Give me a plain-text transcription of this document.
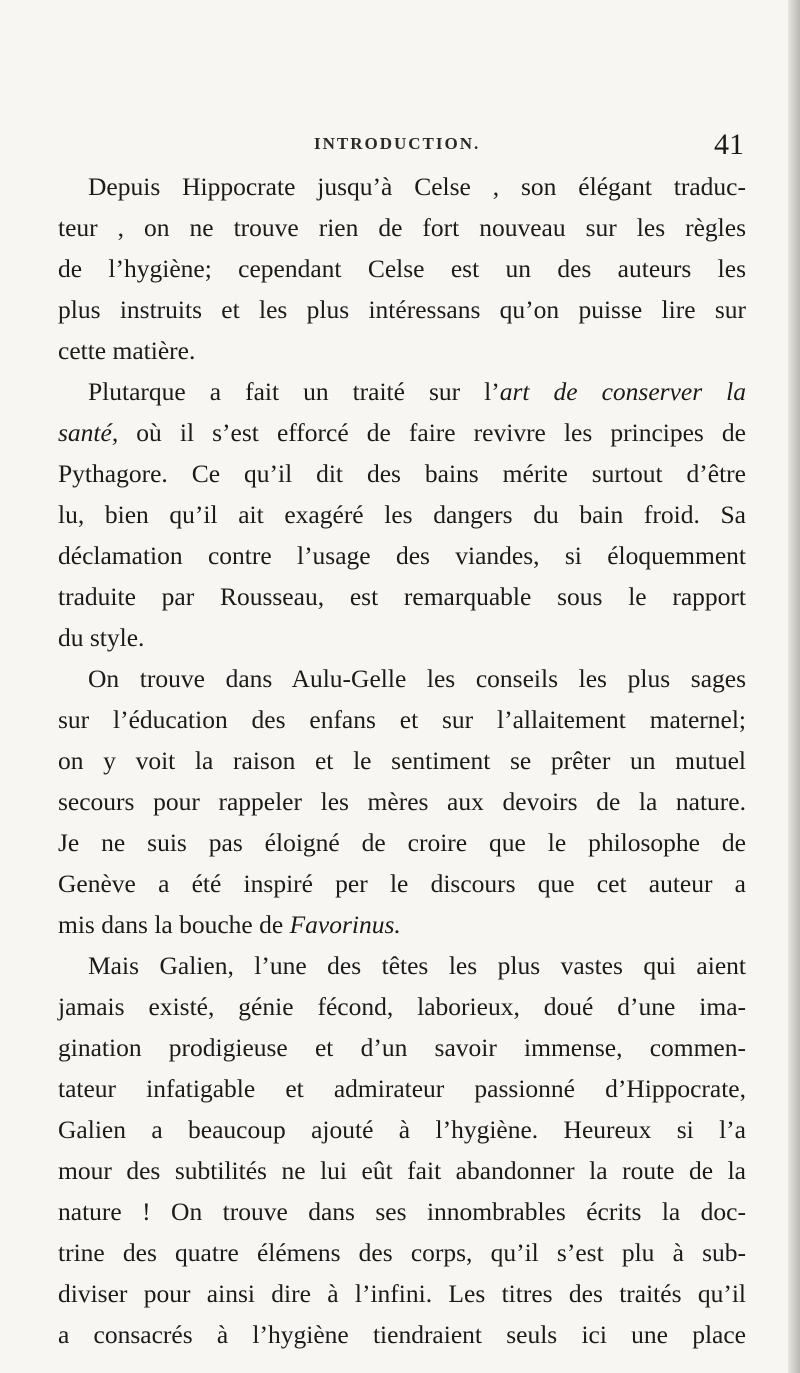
INTRODUCTION.	41
Depuis Hippocrate jusqu’à Celse , son élégant traduc-
teur , on ne trouve rien de fort nouveau sur les règles
de l’hygiène; cependant Celse est un des auteurs les
plus instruits et les plus intéressans qu’on puisse lire sur
cette matière.
Plutarque a fait un traité sur l’art de conserver la
santé, où il s’est efforcé de faire revivre les principes de
Pythagore. Ce qu’il dit des bains mérite surtout d’être
lu, bien qu’il ait exagéré les dangers du bain froid. Sa
déclamation contre l’usage des viandes, si éloquemment
traduite par Rousseau, est remarquable sous le rapport
du style.
On trouve dans Aulu-Gelle les conseils les plus sages
sur l’éducation des enfans et sur l’allaitement maternel;
on y voit la raison et le sentiment se prêter un mutuel
secours pour rappeler les mères aux devoirs de la nature.
Je ne suis pas éloigné de croire que le philosophe de
Genève a été inspiré per le discours que cet auteur a
mis dans la bouche de Favorinus.
Mais Galien, l’une des têtes les plus vastes qui aient
jamais existé, génie fécond, laborieux, doué d’une ima-
gination prodigieuse et d’un savoir immense, commen-
tateur infatigable et admirateur passionné d’Hippocrate,
Galien a beaucoup ajouté à l’hygiène. Heureux si l’a
mour des subtilités ne lui eût fait abandonner la route de la
nature ! On trouve dans ses innombrables écrits la doc-
trine des quatre élémens des corps, qu’il s’est plu à sub-
diviser pour ainsi dire à l’infini. Les titres des traités qu’il
a consacrés à l’hygiène tiendraient seuls ici une place
